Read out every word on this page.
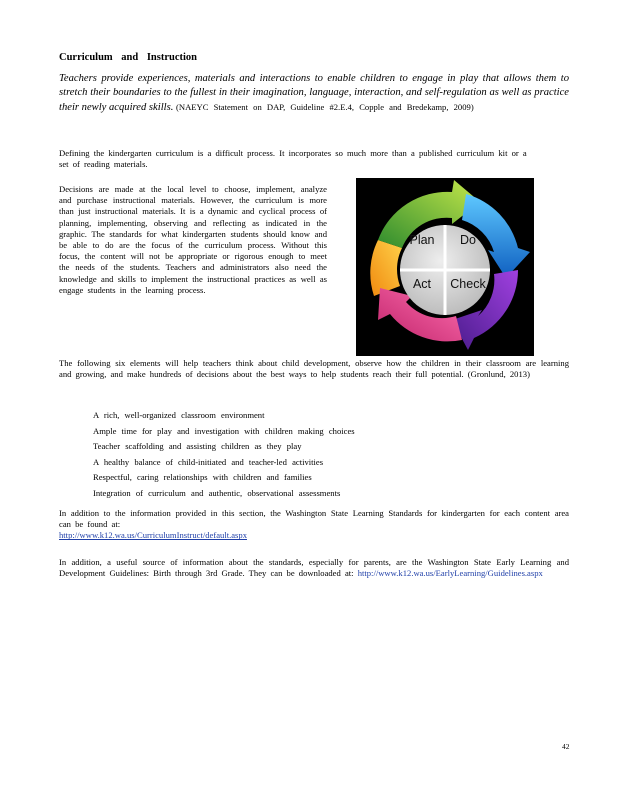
Curriculum and Instruction
Teachers provide experiences, materials and interactions to enable children to engage in play that allows them to stretch their boundaries to the fullest in their imagination, language, interaction, and self-regulation as well as practice their newly acquired skills. (NAEYC Statement on DAP, Guideline #2.E.4, Copple and Bredekamp, 2009)
Defining the kindergarten curriculum is a difficult process. It incorporates so much more than a published curriculum kit or a set of reading materials.
Decisions are made at the local level to choose, implement, analyze and purchase instructional materials. However, the curriculum is more than just instructional materials. It is a dynamic and cyclical process of planning, implementing, observing and reflecting as indicated in the graphic. The standards for what kindergarten students should know and be able to do are the focus of the curriculum process. Without this focus, the content will not be appropriate or rigorous enough to meet the needs of the students. Teachers and administrators also need the knowledge and skills to implement the instructional practices as well as engage students in the learning process.
Plan Do
Act Check
The following six elements will help teachers think about child development, observe how the children in their classroom are learning and growing, and make hundreds of decisions about the best ways to help students reach their full potential. (Gronlund, 2013)
A rich, well-organized classroom environment
Ample time for play and investigation with children making choices
Teacher scaffolding and assisting children as they play
A healthy balance of child-initiated and teacher-led activities
Respectful, caring relationships with children and families
Integration of curriculum and authentic, observational assessments
In addition to the information provided in this section, the Washington State Learning Standards for kindergarten for each content area can be found at:
http://www.k12.wa.us/CurriculumInstruct/default.aspx
In addition, a useful source of information about the standards, especially for parents, are the Washington State Early Learning and Development Guidelines: Birth through 3rd Grade. They can be downloaded at: http://www.k12.wa.us/EarlyLearning/Guidelines.aspx
42
